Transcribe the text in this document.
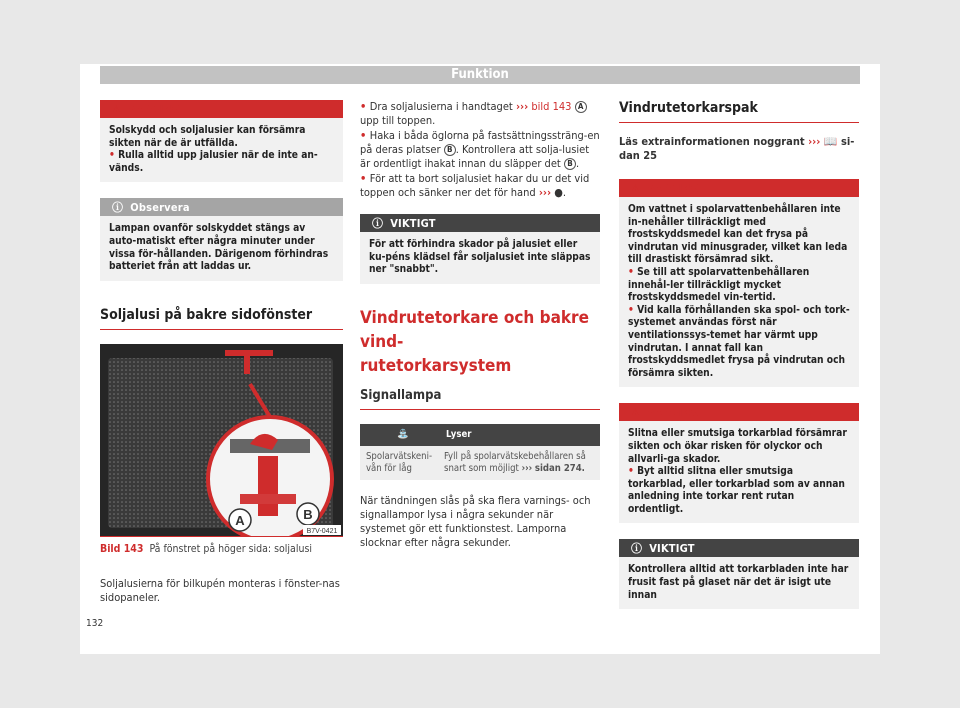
Funktion
⚠ VARNING

Solskydd och soljalusier kan försämra sikten när de är utfällda.

• Rulla alltid upp jalusier när de inte an-vänds.

ⓘ Observera

Lampan ovanför solskyddet stängs av auto-matiskt efter några minuter under vissa för-hållanden. Därigenom förhindras batteriet från att laddas ur.

Soljalusi på bakre sidofönster
A	B
B7V-0421
Bild 143 På fönstret på höger sida: soljalusi
Soljalusierna för bilkupén monteras i fönster-nas sidopaneler.

• Dra soljalusierna i handtaget ››› bild 143 A
upp till toppen.

• Haka i båda öglorna på fastsättningssträng-en på deras platser B . Kontrollera att solja-lusiet är ordentligt ihakat innan du släpper det B .

• För att ta bort soljalusiet hakar du ur det vid toppen och sänker ner det för hand ››› ●.

ⓘ VIKTIGT

För att förhindra skador på jalusiet eller ku-péns klädsel får soljalusiet inte släppas ner "snabbt".

Vindrutetorkare och bakre vind-
rutetorkarsystem
Signallampa
⛲	Lyser
Spolarvätskeni-vån för låg	Fyll på spolarvätskebehållaren så snart som möjligt ››› sidan 274.
När tändningen slås på ska flera varnings- och signallampor lysa i några sekunder när systemet gör ett funktionstest. Lamporna slocknar efter några sekunder.
Vindrutetorkarspak
Läs extrainformationen noggrant ››› 📖 si-dan 25
⚠ VARNING

Om vattnet i spolarvattenbehållaren inte in-nehåller tillräckligt med frostskyddsmedel kan det frysa på vindrutan vid minusgrader, vilket kan leda till drastiskt försämrad sikt.

• Se till att spolarvattenbehållaren innehål-ler tillräckligt mycket frostskyddsmedel vin-tertid.

• Vid kalla förhållanden ska spol- och tork-systemet användas först när ventilationssys-temet har värmt upp vindrutan. I annat fall kan frostskyddsmedlet frysa på vindrutan och försämra sikten.

⚠ VARNING

Slitna eller smutsiga torkarblad försämrar sikten och ökar risken för olyckor och allvarli-ga skador.

• Byt alltid slitna eller smutsiga torkarblad, eller torkarblad som av annan anledning inte torkar rent rutan ordentligt.

ⓘ VIKTIGT

Kontrollera alltid att torkarbladen inte har frusit fast på glaset när det är isigt ute innan

132
